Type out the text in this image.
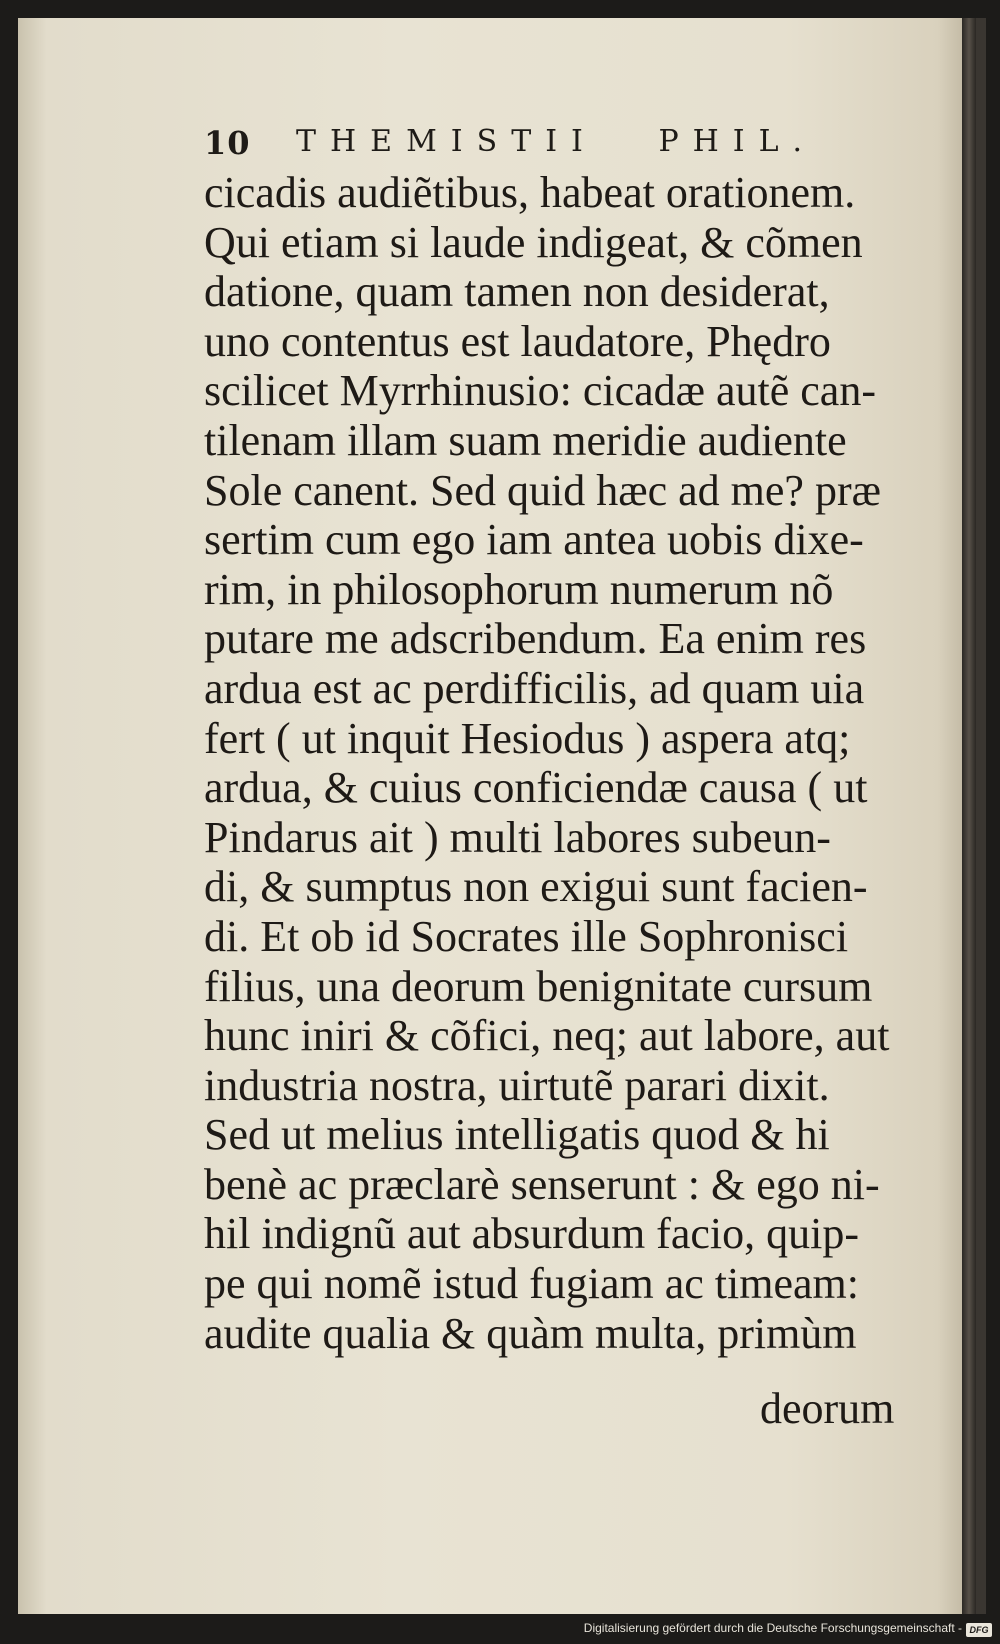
10 THEMISTII PHIL.
cicadis audiẽtibus, habeat orationem.
Qui etiam si laude indigeat, & cõmen
datione, quam tamen non desiderat,
uno contentus est laudatore, Phędro
scilicet Myrrhinusio: cicadæ autẽ can-
tilenam illam suam meridie audiente
Sole canent. Sed quid hæc ad me? præ
sertim cum ego iam antea uobis dixe-
rim, in philosophorum numerum nõ
putare me adscribendum. Ea enim res
ardua est ac perdifficilis, ad quam uia
fert ( ut inquit Hesiodus ) aspera atq;
ardua, & cuius conficiendæ causa ( ut
Pindarus ait ) multi labores subeun-
di, & sumptus non exigui sunt facien-
di. Et ob id Socrates ille Sophronisci
filius, una deorum benignitate cursum
hunc iniri & cõfici, neq; aut labore, aut
industria nostra, uirtutẽ parari dixit.
Sed ut melius intelligatis quod & hi
benè ac præclarè senserunt : & ego ni-
hil indignũ aut absurdum facio, quip-
pe qui nomẽ istud fugiam ac timeam:
audite qualia & quàm multa, primùm
deorum
Digitalisierung gefördert durch die Deutsche Forschungsgemeinschaft - DFG
